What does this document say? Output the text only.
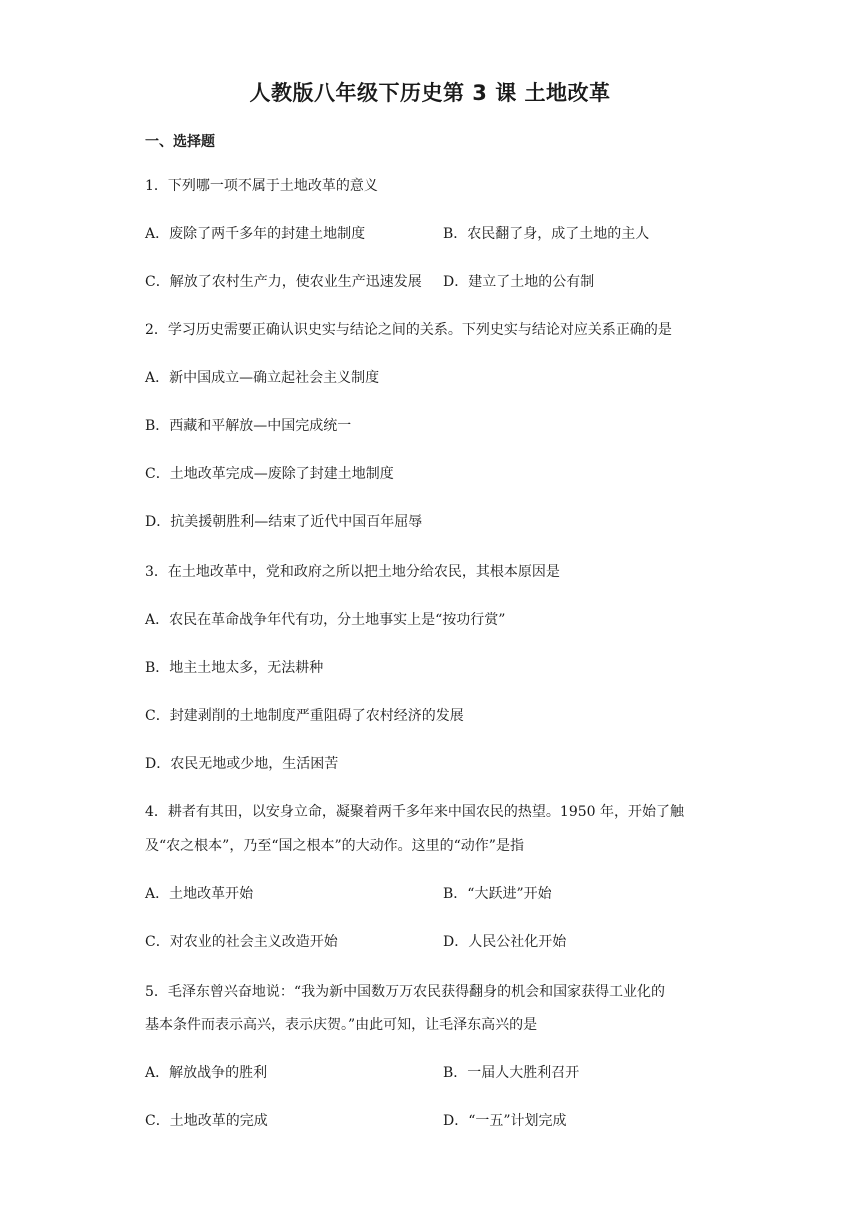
人教版八年级下历史第 3 课 土地改革
一、选择题
1．下列哪一项不属于土地改革的意义
A．废除了两千多年的封建土地制度	B．农民翻了身，成了土地的主人
C．解放了农村生产力，使农业生产迅速发展 D．建立了土地的公有制
2．学习历史需要正确认识史实与结论之间的关系。下列史实与结论对应关系正确的是
A．新中国成立—确立起社会主义制度
B．西藏和平解放—中国完成统一
C．土地改革完成—废除了封建土地制度
D．抗美援朝胜利—结束了近代中国百年屈辱
3．在土地改革中，党和政府之所以把土地分给农民，其根本原因是
A．农民在革命战争年代有功，分土地事实上是“按功行赏”
B．地主土地太多，无法耕种
C．封建剥削的土地制度严重阻碍了农村经济的发展
D．农民无地或少地，生活困苦
4．耕者有其田，以安身立命，凝聚着两千多年来中国农民的热望。1950 年，开始了触
及“农之根本”，乃至“国之根本”的大动作。这里的“动作”是指
A．土地改革开始	B．“大跃进”开始
C．对农业的社会主义改造开始	D．人民公社化开始
5．毛泽东曾兴奋地说：“我为新中国数万万农民获得翻身的机会和国家获得工业化的
基本条件而表示高兴，表示庆贺。”由此可知，让毛泽东高兴的是
A．解放战争的胜利	B．一届人大胜利召开
C．土地改革的完成	D．“一五”计划完成
